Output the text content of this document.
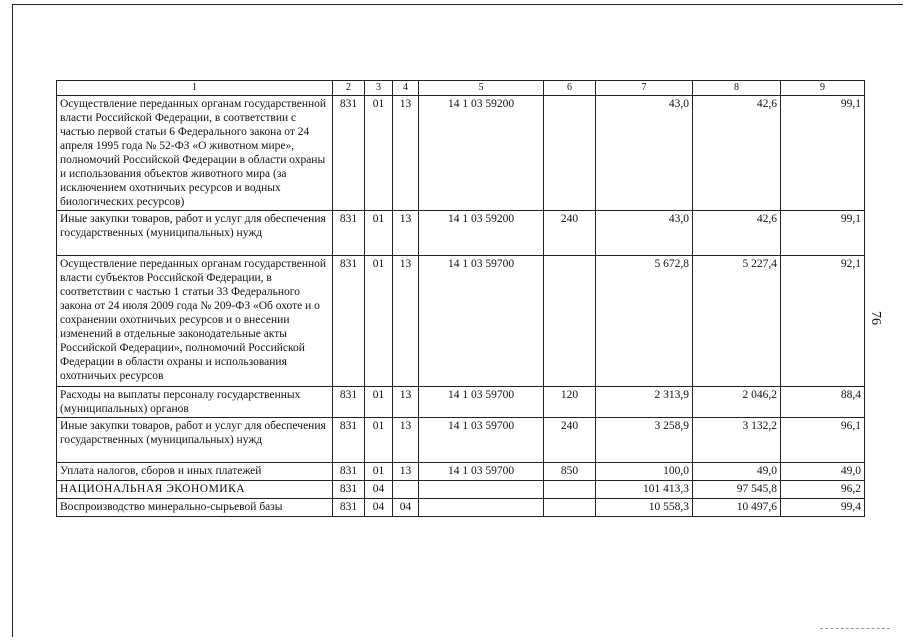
76
1	2	3	4	5	6	7	8	9
Осуществление переданных органам государственной власти Российской Федерации, в соответствии с частью первой статьи 6 Федерального закона от 24 апреля 1995 года № 52-ФЗ «О животном мире», полномочий Российской Федерации в области охраны и использования объектов животного мира (за исключением охотничьих ресурсов и водных биологических ресурсов)	831	01	13	14 1 03 59200		43,0	42,6	99,1
Иные закупки товаров, работ и услуг для обеспечения государственных (муниципальных) нужд	831	01	13	14 1 03 59200	240	43,0	42,6	99,1
Осуществление переданных органам государственной власти субъектов Российской Федерации, в соответствии с частью 1 статьи 33 Федерального закона от 24 июля 2009 года № 209-ФЗ «Об охоте и о сохранении охотничьих ресурсов и о внесении изменений в отдельные законодательные акты Российской Федерации», полномочий Российской Федерации в области охраны и использования охотничьих ресурсов	831	01	13	14 1 03 59700		5 672,8	5 227,4	92,1
Расходы на выплаты персоналу государственных (муниципальных) органов	831	01	13	14 1 03 59700	120	2 313,9	2 046,2	88,4
Иные закупки товаров, работ и услуг для обеспечения государственных (муниципальных) нужд	831	01	13	14 1 03 59700	240	3 258,9	3 132,2	96,1
Уплата налогов, сборов и иных платежей	831	01	13	14 1 03 59700	850	100,0	49,0	49,0
НАЦИОНАЛЬНАЯ ЭКОНОМИКА	831	04				101 413,3	97 545,8	96,2
Воспроизводство минерально-сырьевой базы	831	04	04			10 558,3	10 497,6	99,4
